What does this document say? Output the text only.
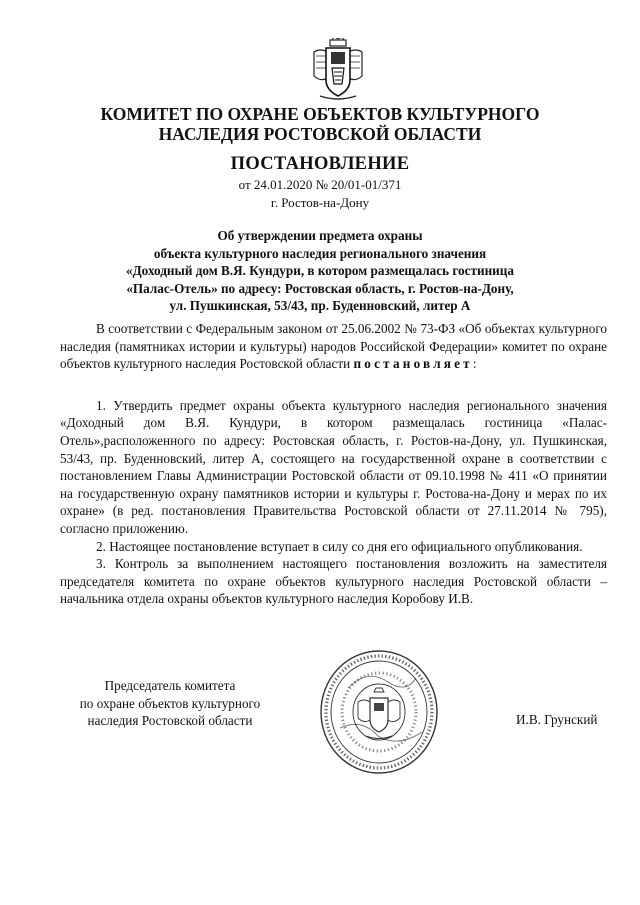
КОМИТЕТ ПО ОХРАНЕ ОБЪЕКТОВ КУЛЬТУРНОГО
НАСЛЕДИЯ РОСТОВСКОЙ ОБЛАСТИ
ПОСТАНОВЛЕНИЕ
от 24.01.2020 № 20/01-01/371
г. Ростов-на-Дону
Об утверждении предмета охраны
объекта культурного наследия регионального значения
«Доходный дом В.Я. Кундури, в котором размещалась гостиница
«Палас-Отель» по адресу: Ростовская область, г. Ростов-на-Дону,
ул. Пушкинская, 53/43, пр. Буденновский, литер А

В соответствии с Федеральным законом от 25.06.2002 № 73-ФЗ «Об объектах культурного наследия (памятниках истории и культуры) народов Российской Федерации» комитет по охране объектов культурного наследия Ростовской области постановляет:

1. Утвердить предмет охраны объекта культурного наследия регионального значения «Доходный дом В.Я. Кундури, в котором размещалась гостиница «Палас-Отель»,расположенного по адресу: Ростовская область, г. Ростов-на-Дону, ул. Пушкинская, 53/43, пр. Буденновский, литер А, состоящего на государственной охране в соответствии с постановлением Главы Администрации Ростовской области от 09.10.1998 № 411 «О принятии на государственную охрану памятников истории и культуры г. Ростова-на-Дону и мерах по их охране» (в ред. постановления Правительства Ростовской области от 27.11.2014 № 795), согласно приложению.

2. Настоящее постановление вступает в силу со дня его официального опубликования.

3. Контроль за выполнением настоящего постановления возложить на заместителя председателя комитета по охране объектов культурного наследия Ростовской области – начальника отдела охраны объектов культурного наследия Коробову И.В.

Председатель комитета
по охране объектов культурного
наследия Ростовской области	И.В. Грунский
